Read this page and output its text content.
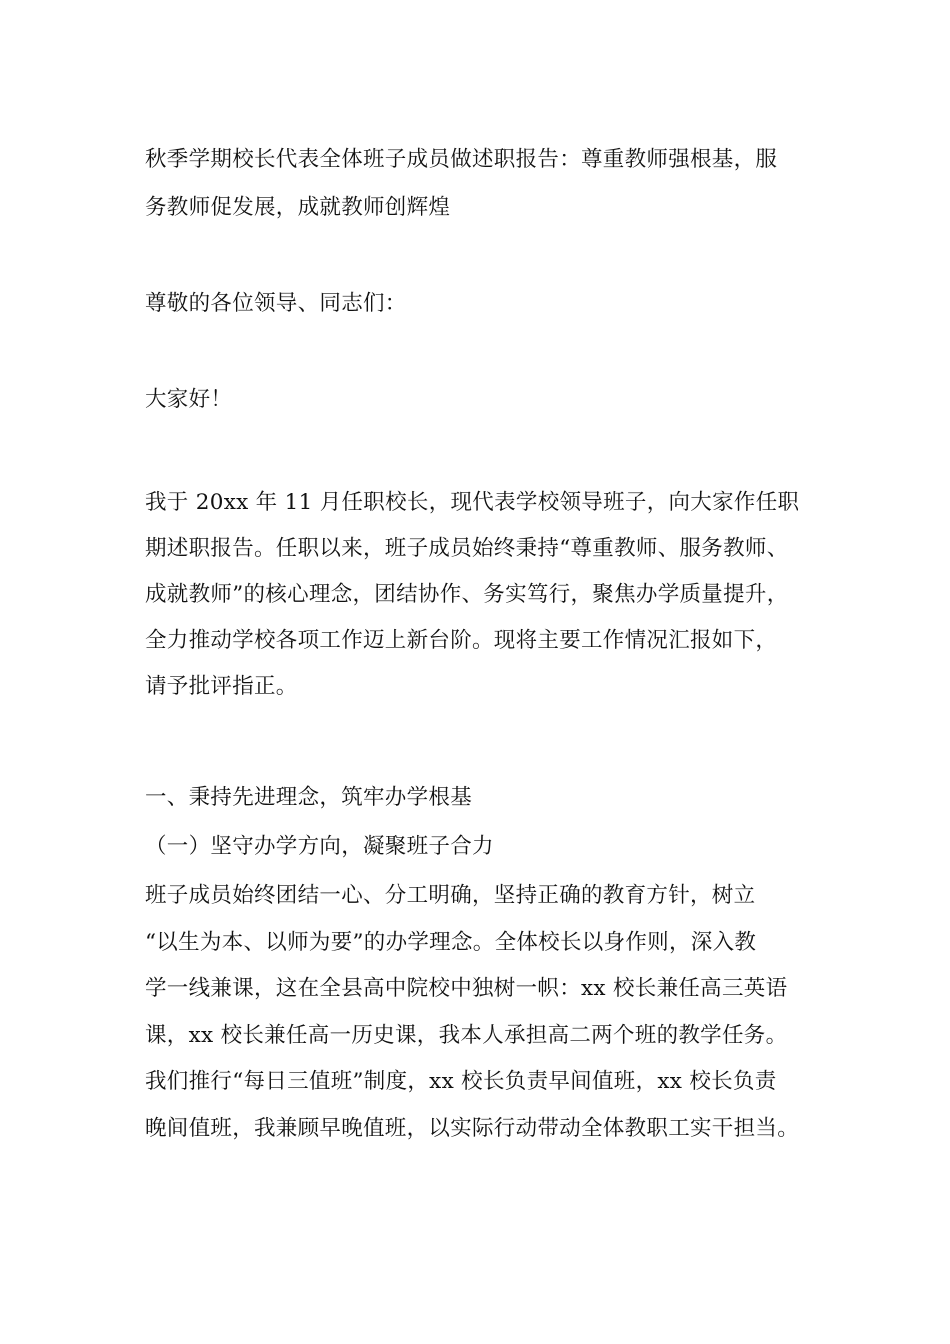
秋季学期校长代表全体班子成员做述职报告：尊重教师强根基，服
务教师促发展，成就教师创辉煌
尊敬的各位领导、同志们：
大家好！
我于 20xx 年 11 月任职校长，现代表学校领导班子，向大家作任职
期述职报告。任职以来，班子成员始终秉持“尊重教师、服务教师、
成就教师”的核心理念，团结协作、务实笃行，聚焦办学质量提升，
全力推动学校各项工作迈上新台阶。现将主要工作情况汇报如下，
请予批评指正。
一、秉持先进理念，筑牢办学根基
（一）坚守办学方向，凝聚班子合力
班子成员始终团结一心、分工明确，坚持正确的教育方针，树立
“以生为本、以师为要”的办学理念。全体校长以身作则，深入教
学一线兼课，这在全县高中院校中独树一帜：xx 校长兼任高三英语
课，xx 校长兼任高一历史课，我本人承担高二两个班的教学任务。
我们推行“每日三值班”制度，xx 校长负责早间值班，xx 校长负责
晚间值班，我兼顾早晚值班，以实际行动带动全体教职工实干担当。
